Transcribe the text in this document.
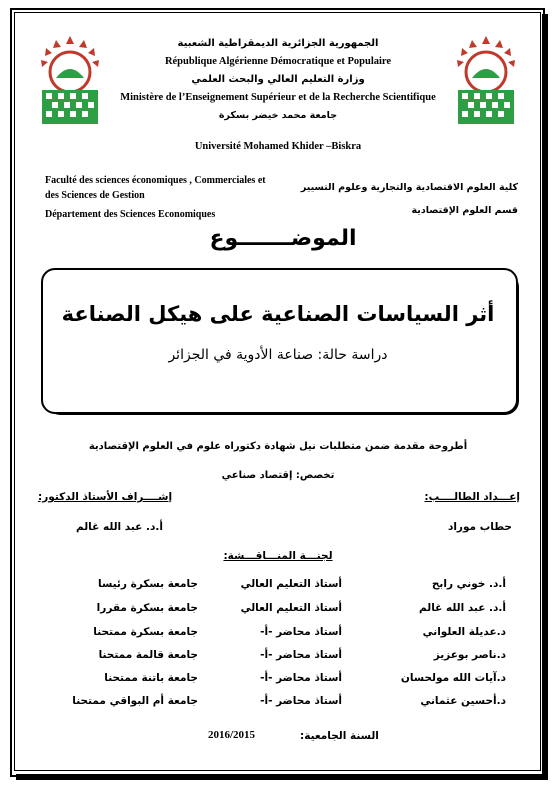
الجمهورية الجزائرية الديمقراطية الشعبية
République Algérienne Démocratique et Populaire
وزارة التعليم العالي والبحث العلمي
Ministère de l’Enseignement Supérieur et de la Recherche Scientifique
جامعة محمد خيضر بسكرة
Université Mohamed Khider –Biskra
Faculté des sciences économiques , Commerciales et
des Sciences de Gestion
Département des Sciences Economiques
كلية العلوم الاقتصادية والتجارية وعلوم التسيير
قسم العلوم الإقتصادية
الموضـــــــوع
أثر السياسات الصناعية على هيكل الصناعة
دراسة حالة: صناعة الأدوية في الجزائر
أطروحة مقدمة ضمن متطلبات نيل شهادة دكتوراه علوم في العلوم الإقتصادية
تخصص: إقتصاد صناعي
إعـــداد الطالــــب:
حطاب موراد
إشــــراف الأستاذ الدكتور:
أ.د. عبد الله غالم
لجنـــة المنـــاقـــشة:
أ.د. خوني رابح
أستاذ التعليم العالي
جامعة بسكرة رئيسا
أ.د. عبد الله غالم
أستاذ التعليم العالي
جامعة بسكرة مقررا
د.عديلة العلواني
أستاذ محاضر -أ-
جامعة بسكرة ممتحنا
د.ناصر بوعزيز
أستاذ محاضر -أ-
جامعة قالمة ممتحنا
د.آيات الله مولحسان
أستاذ محاضر -أ-
جامعة باتنة ممتحنا
د.أحسين عثماني
أستاذ محاضر -أ-
جامعة أم البواقي ممتحنا
السنة الجامعية:
2016/2015
